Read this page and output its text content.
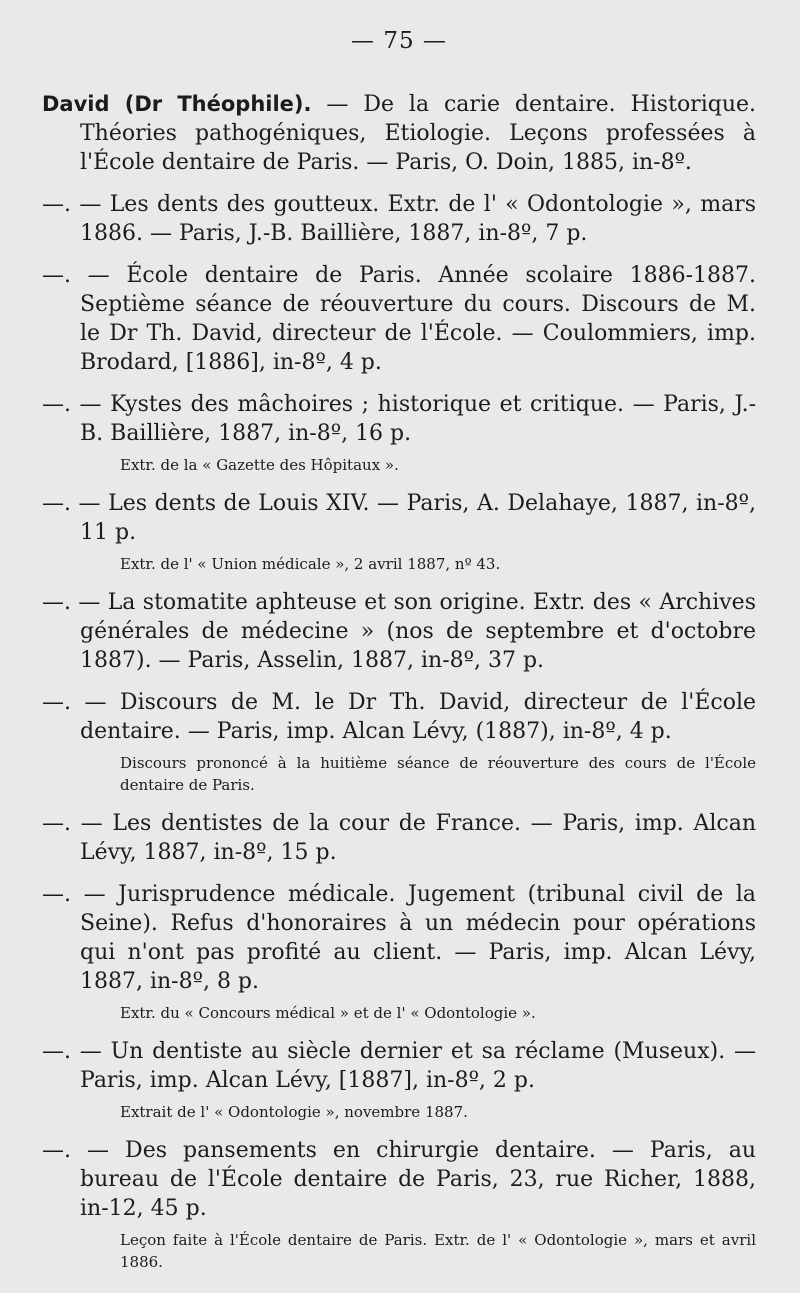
— 75 —
David (Dr Théophile). — De la carie dentaire. Historique. Théories pathogéniques, Etiologie. Leçons professées à l'École dentaire de Paris. — Paris, O. Doin, 1885, in-8º.
—. — Les dents des goutteux. Extr. de l' « Odontologie », mars 1886. — Paris, J.-B. Baillière, 1887, in-8º, 7 p.
—. — École dentaire de Paris. Année scolaire 1886-1887. Septième séance de réouverture du cours. Discours de M. le Dr Th. David, directeur de l'École. — Coulommiers, imp. Brodard, [1886], in-8º, 4 p.
—. — Kystes des mâchoires ; historique et critique. — Paris, J.-B. Baillière, 1887, in-8º, 16 p.
Extr. de la « Gazette des Hôpitaux ».
—. — Les dents de Louis XIV. — Paris, A. Delahaye, 1887, in-8º, 11 p.
Extr. de l' « Union médicale », 2 avril 1887, nº 43.
—. — La stomatite aphteuse et son origine. Extr. des « Archives générales de médecine » (nos de septembre et d'octobre 1887). — Paris, Asselin, 1887, in-8º, 37 p.
—. — Discours de M. le Dr Th. David, directeur de l'École dentaire. — Paris, imp. Alcan Lévy, (1887), in-8º, 4 p.
Discours prononcé à la huitième séance de réouverture des cours de l'École dentaire de Paris.
—. — Les dentistes de la cour de France. — Paris, imp. Alcan Lévy, 1887, in-8º, 15 p.
—. — Jurisprudence médicale. Jugement (tribunal civil de la Seine). Refus d'honoraires à un médecin pour opérations qui n'ont pas profité au client. — Paris, imp. Alcan Lévy, 1887, in-8º, 8 p.
Extr. du « Concours médical » et de l' « Odontologie ».
—. — Un dentiste au siècle dernier et sa réclame (Museux). — Paris, imp. Alcan Lévy, [1887], in-8º, 2 p.
Extrait de l' « Odontologie », novembre 1887.
—. — Des pansements en chirurgie dentaire. — Paris, au bureau de l'École dentaire de Paris, 23, rue Richer, 1888, in-12, 45 p.
Leçon faite à l'École dentaire de Paris. Extr. de l' « Odontologie », mars et avril 1886.
